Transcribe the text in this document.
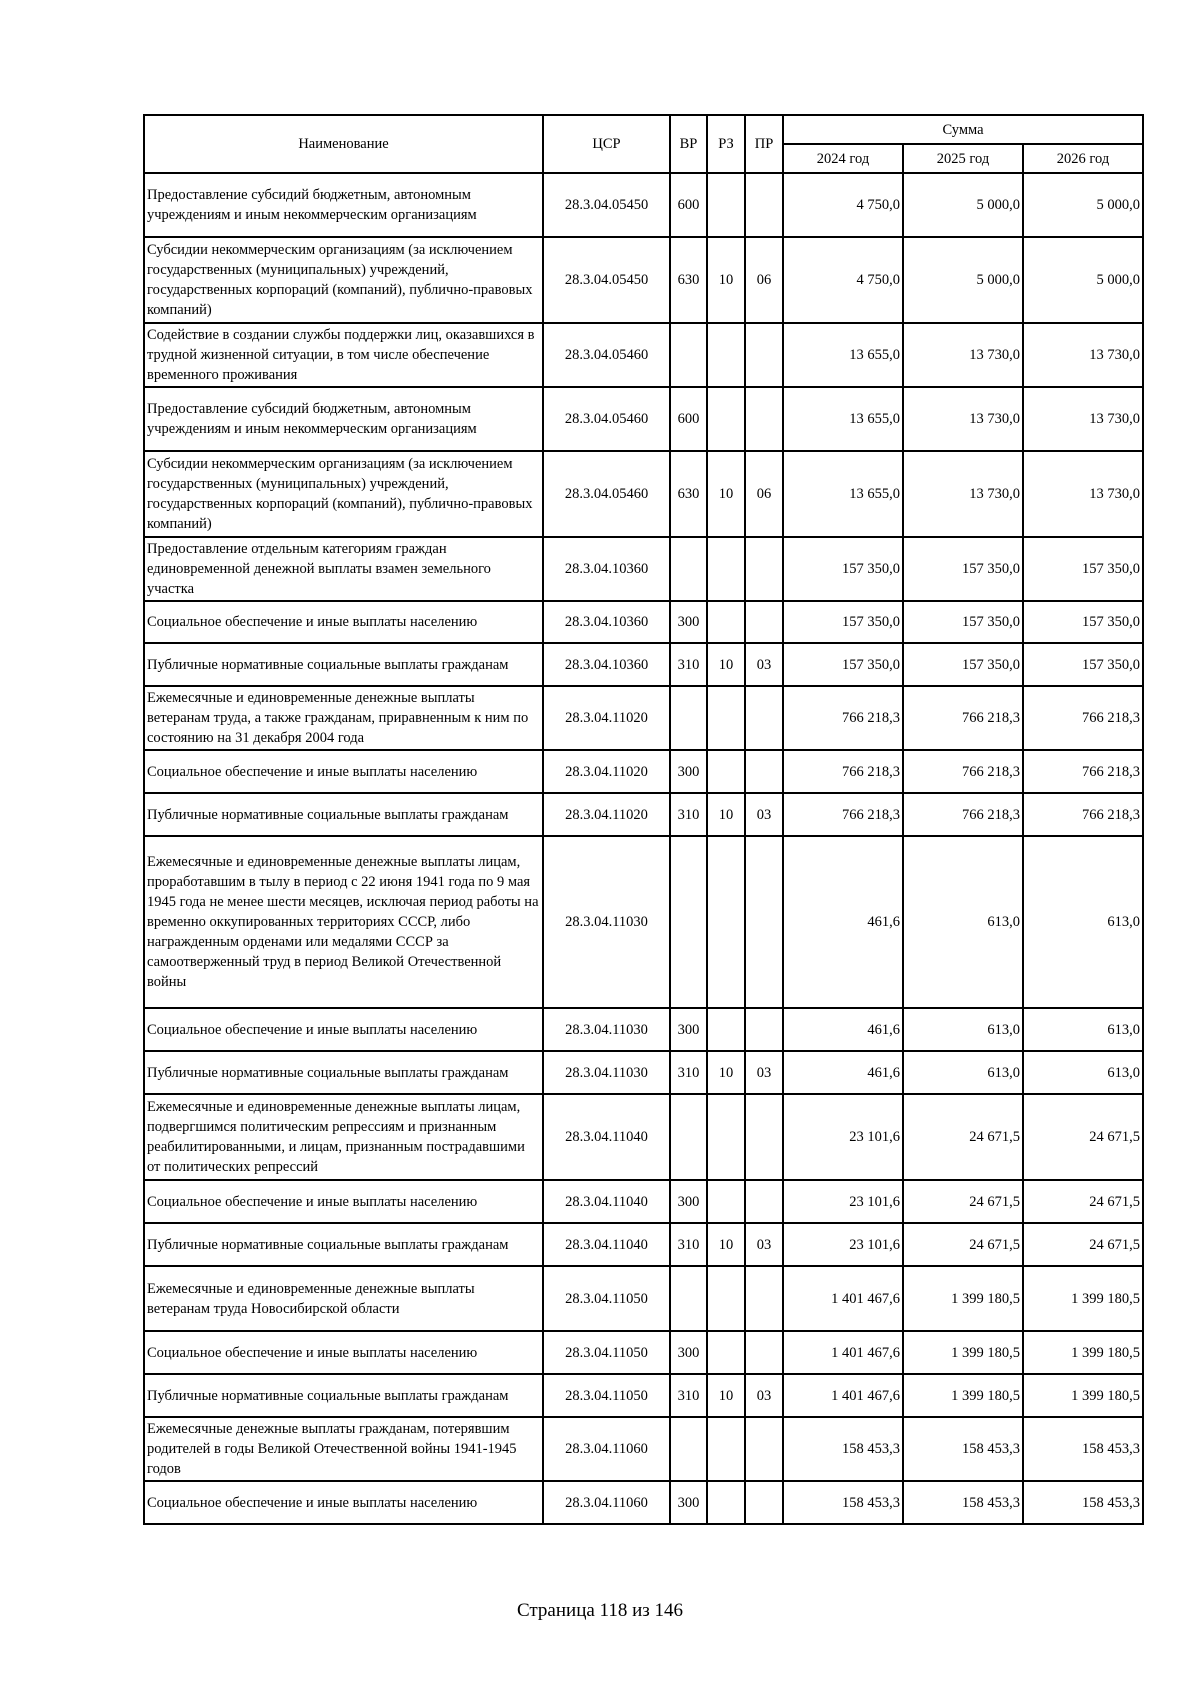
Наименование	ЦСР	ВР	РЗ	ПР	Сумма		
					2024 год	2025 год	2026 год
Предоставление субсидий бюджетным, автономным учреждениям и иным некоммерческим организациям	28.3.04.05450	600			4 750,0	5 000,0	5 000,0
Субсидии некоммерческим организациям (за исключением государственных (муниципальных) учреждений, государственных корпораций (компаний), публично-правовых компаний)	28.3.04.05450	630	10	06	4 750,0	5 000,0	5 000,0
Содействие в создании службы поддержки лиц, оказавшихся в трудной жизненной ситуации, в том числе обеспечение временного проживания	28.3.04.05460				13 655,0	13 730,0	13 730,0
Предоставление субсидий бюджетным, автономным учреждениям и иным некоммерческим организациям	28.3.04.05460	600			13 655,0	13 730,0	13 730,0
Субсидии некоммерческим организациям (за исключением государственных (муниципальных) учреждений, государственных корпораций (компаний), публично-правовых компаний)	28.3.04.05460	630	10	06	13 655,0	13 730,0	13 730,0
Предоставление отдельным категориям граждан единовременной денежной выплаты взамен земельного участка	28.3.04.10360				157 350,0	157 350,0	157 350,0
Социальное обеспечение и иные выплаты населению	28.3.04.10360	300			157 350,0	157 350,0	157 350,0
Публичные нормативные социальные выплаты гражданам	28.3.04.10360	310	10	03	157 350,0	157 350,0	157 350,0
Ежемесячные и единовременные денежные выплаты ветеранам труда, а также гражданам, приравненным к ним по состоянию на 31 декабря 2004 года	28.3.04.11020				766 218,3	766 218,3	766 218,3
Социальное обеспечение и иные выплаты населению	28.3.04.11020	300			766 218,3	766 218,3	766 218,3
Публичные нормативные социальные выплаты гражданам	28.3.04.11020	310	10	03	766 218,3	766 218,3	766 218,3
Ежемесячные и единовременные денежные выплаты лицам, проработавшим в тылу в период с 22 июня 1941 года по 9 мая 1945 года не менее шести месяцев, исключая период работы на временно оккупированных территориях СССР, либо награжденным орденами или медалями СССР за самоотверженный труд в период Великой Отечественной войны	28.3.04.11030				461,6	613,0	613,0
Социальное обеспечение и иные выплаты населению	28.3.04.11030	300			461,6	613,0	613,0
Публичные нормативные социальные выплаты гражданам	28.3.04.11030	310	10	03	461,6	613,0	613,0
Ежемесячные и единовременные денежные выплаты лицам, подвергшимся политическим репрессиям и признанным реабилитированными, и лицам, признанным пострадавшими от политических репрессий	28.3.04.11040				23 101,6	24 671,5	24 671,5
Социальное обеспечение и иные выплаты населению	28.3.04.11040	300			23 101,6	24 671,5	24 671,5
Публичные нормативные социальные выплаты гражданам	28.3.04.11040	310	10	03	23 101,6	24 671,5	24 671,5
Ежемесячные и единовременные денежные выплаты ветеранам труда Новосибирской области	28.3.04.11050				1 401 467,6	1 399 180,5	1 399 180,5
Социальное обеспечение и иные выплаты населению	28.3.04.11050	300			1 401 467,6	1 399 180,5	1 399 180,5
Публичные нормативные социальные выплаты гражданам	28.3.04.11050	310	10	03	1 401 467,6	1 399 180,5	1 399 180,5
Ежемесячные денежные выплаты гражданам, потерявшим родителей в годы Великой Отечественной войны 1941-1945 годов	28.3.04.11060				158 453,3	158 453,3	158 453,3
Социальное обеспечение и иные выплаты населению	28.3.04.11060	300			158 453,3	158 453,3	158 453,3
Страница 118 из 146
